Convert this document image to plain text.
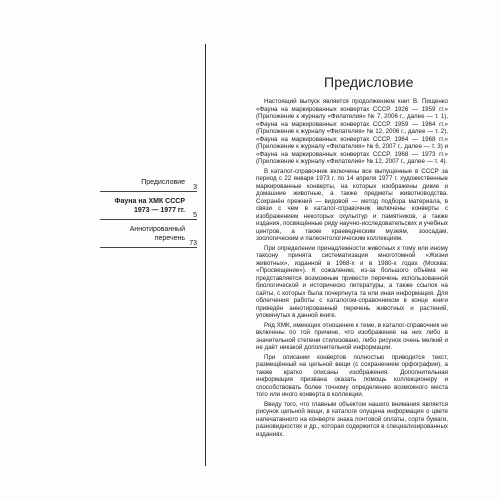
Предисловие
3
Фауна на ХМК СССР 1973 — 1977 гг.
5
Аннотированный перечень
73
Предисловие

Настоящий выпуск является продолжением книг В. Пищенко «Фауна на маркированных конвертах СССР. 1926 — 1959 гг.» (Приложение к журналу «Филателия» № 7, 2006 г., далее — т. 1), «Фауна на маркированных конвертах СССР. 1959 — 1964 гг.» (Приложение к журналу «Филателия» № 12, 2006 г., далее — т. 2), «Фауна на маркированных конвертах СССР. 1964 — 1968 гг.» (Приложение к журналу «Филателия» № 6, 2007 г., далее — т. 3) и «Фауна на маркированных конвертах СССР. 1968 — 1973 гг.» (Приложение к журналу «Филателия» № 12, 2007 г., далее — т. 4).

В каталог-справочник включены все выпущенные в СССР за период с 22 января 1973 г. по 14 апреля 1977 г. художественные маркированные конверты, на которых изображены дикие и домашние животные, а также предметы животноводства. Сохранён прежний — видовой — метод подбора материала, в связи с чем в каталог-справочник включены конверты с изображением некоторых скульптур и памятников, а также издания, посвящённые ряду научно-исследовательских и учебных центров, а также краеведческим музеям, зоосадам, зоологическим и палеонтологическим коллекциям.

При определении принадлежности животных к тому или иному таксону принята систематизация многотомной «Жизни животных», изданной в 1968-х и в 1980-х годах (Москва: «Просвещение»). К сожалению, из-за большого объёма не представляется возможным привести перечень использованной биологической и историческо литературы, а также ссылок на сайты, с которых была почерпнута та или иная информация. Для облегчения работы с каталогом-справочником в конце книги приведён аннотированный перечень животных и растений, упомянутых в данной книге.

Ряд ХМК, имеющих отношение к теме, в каталог-справочник не включены по той причине, что изображение на них либо в значительной степени стилизовано, либо рисунок очень мелкий и не даёт никакой дополнительной информации.

При описании конвертов полностью приводится текст, размещённый на цельной вещи (с сохранением орфографии), а также кратко описаны изображения. Дополнительная информация призвана оказать помощь коллекционеру и способствовать более точному определению возможного места того или иного конверта в коллекции.

Ввиду того, что главным объектом нашего внимания является рисунок цельной вещи, в каталоге опущена информация о цвете напечатанного на конверте знака почтовой оплаты, сорте бумаги, разновидностях и др., которая содержится в специализированных изданиях.
